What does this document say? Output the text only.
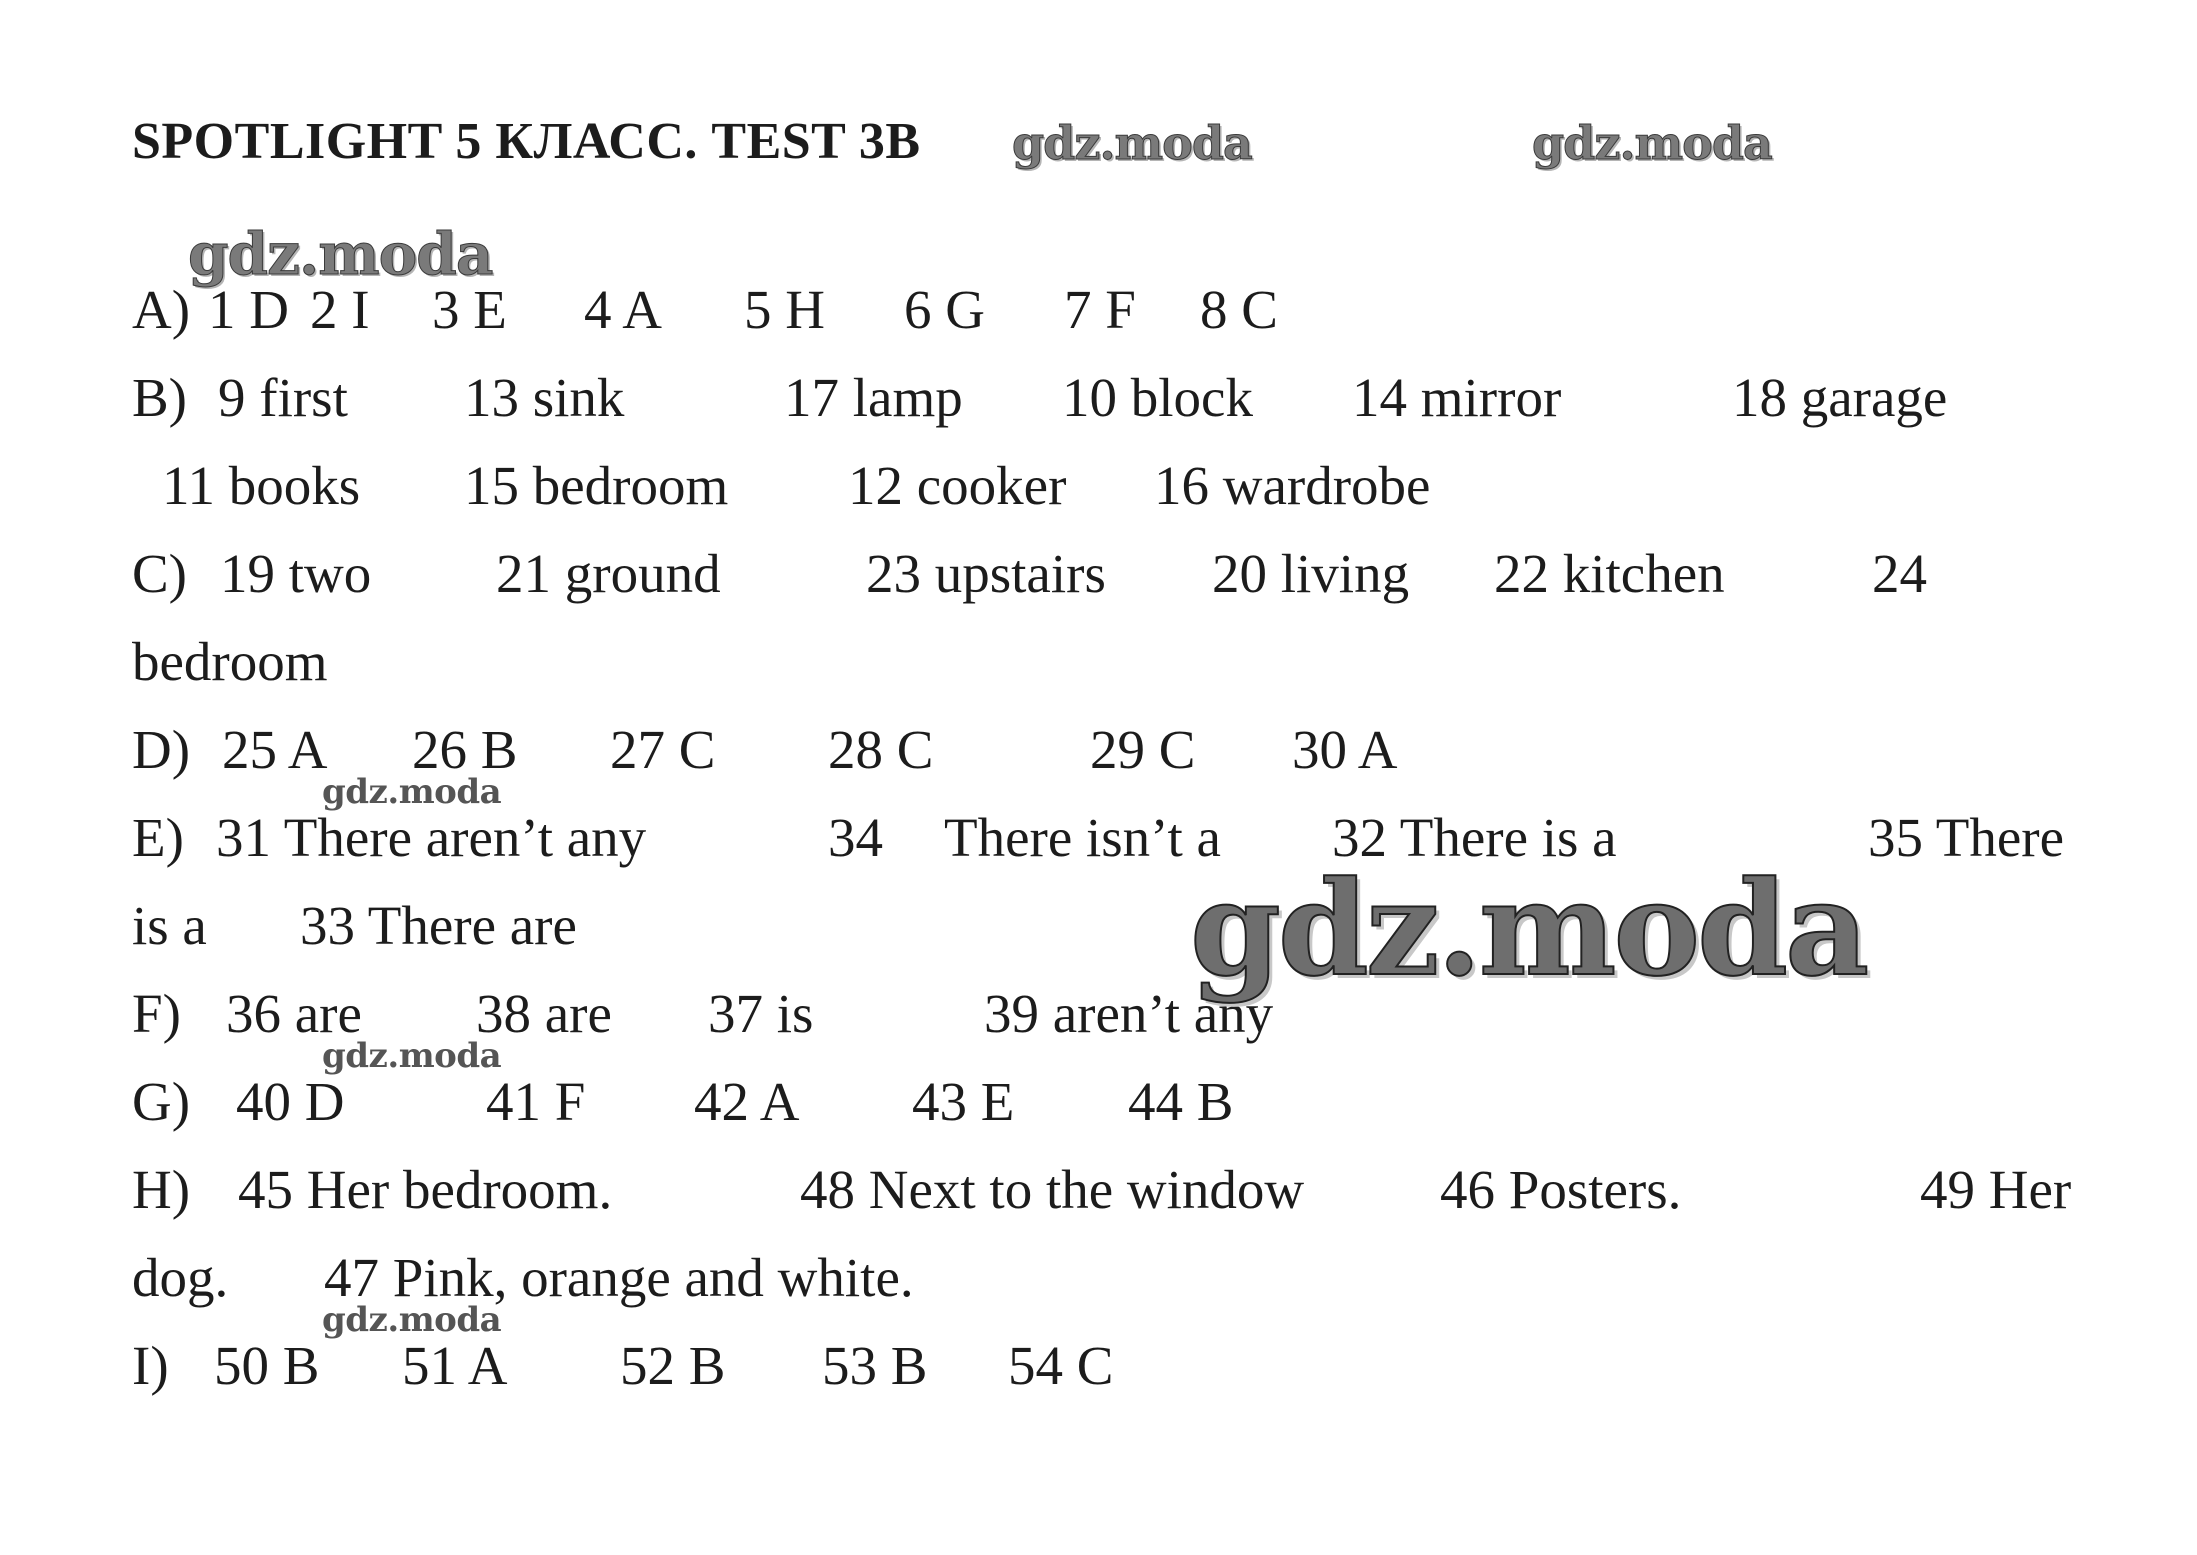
SPOTLIGHT 5 КЛАСС. TEST 3B
A) 1 D 2 I 3 E 4 A 5 H 6 G 7 F 8 C
B) 9 first 13 sink	17 lamp 10 block 14 mirror	18 garage
11 books 15 bedroom 12 cooker 16 wardrobe
C) 19 two 21 ground	23 upstairs 20 living 22 kitchen	24
bedroom
D) 25 A 26 B 27 C 28 C	29 C 30 A
E) 31 There aren’t any	34 There isn’t a 32 There is a	35 There
is a 33 There are
F) 36 are 38 are 37 is	39 aren’t any
G) 40 D	41 F 42 A 43 E 44 B
H) 45 Her bedroom.	48 Next to the window 46 Posters.	49 Her
dog. 47 Pink, orange and white.
I) 50 B 51 A 52 B 53 B 54 C
gdz.moda	gdz.moda
gdz.moda
gdz.moda
gdz.moda
gdz.moda
gdz.moda
